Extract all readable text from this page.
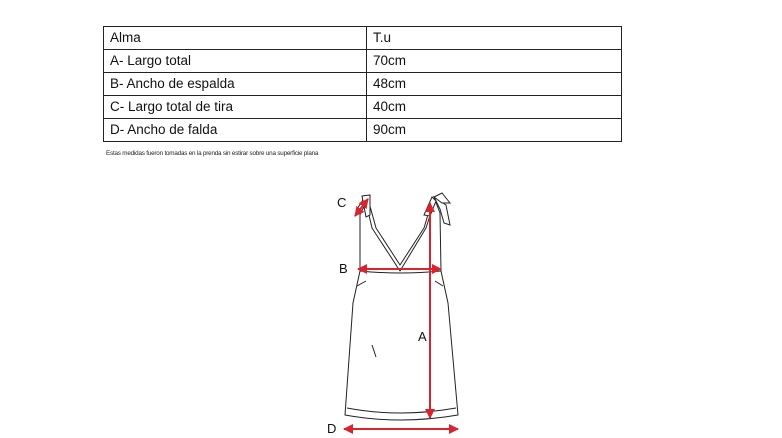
Alma	T.u
A- Largo total	70cm
B- Ancho de espalda	48cm
C- Largo total de tira	40cm
D- Ancho de falda	90cm
Estas medidas fueron tomadas en la prenda sin estirar sobre una superficie plana
C
B
A
D
